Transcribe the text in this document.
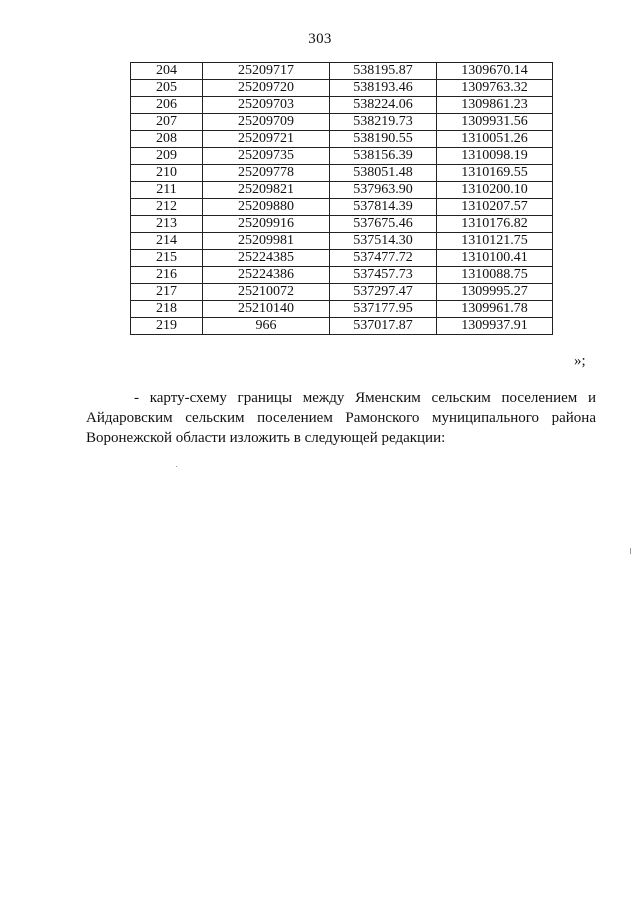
303
204	25209717	538195.87	1309670.14
205	25209720	538193.46	1309763.32
206	25209703	538224.06	1309861.23
207	25209709	538219.73	1309931.56
208	25209721	538190.55	1310051.26
209	25209735	538156.39	1310098.19
210	25209778	538051.48	1310169.55
211	25209821	537963.90	1310200.10
212	25209880	537814.39	1310207.57
213	25209916	537675.46	1310176.82
214	25209981	537514.30	1310121.75
215	25224385	537477.72	1310100.41
216	25224386	537457.73	1310088.75
217	25210072	537297.47	1309995.27
218	25210140	537177.95	1309961.78
219	966	537017.87	1309937.91
»;

- карту-схему границы между Яменским сельским поселением и Айдаровским сельским поселением Рамонского муниципального района Воронежской области изложить в следующей редакции:
